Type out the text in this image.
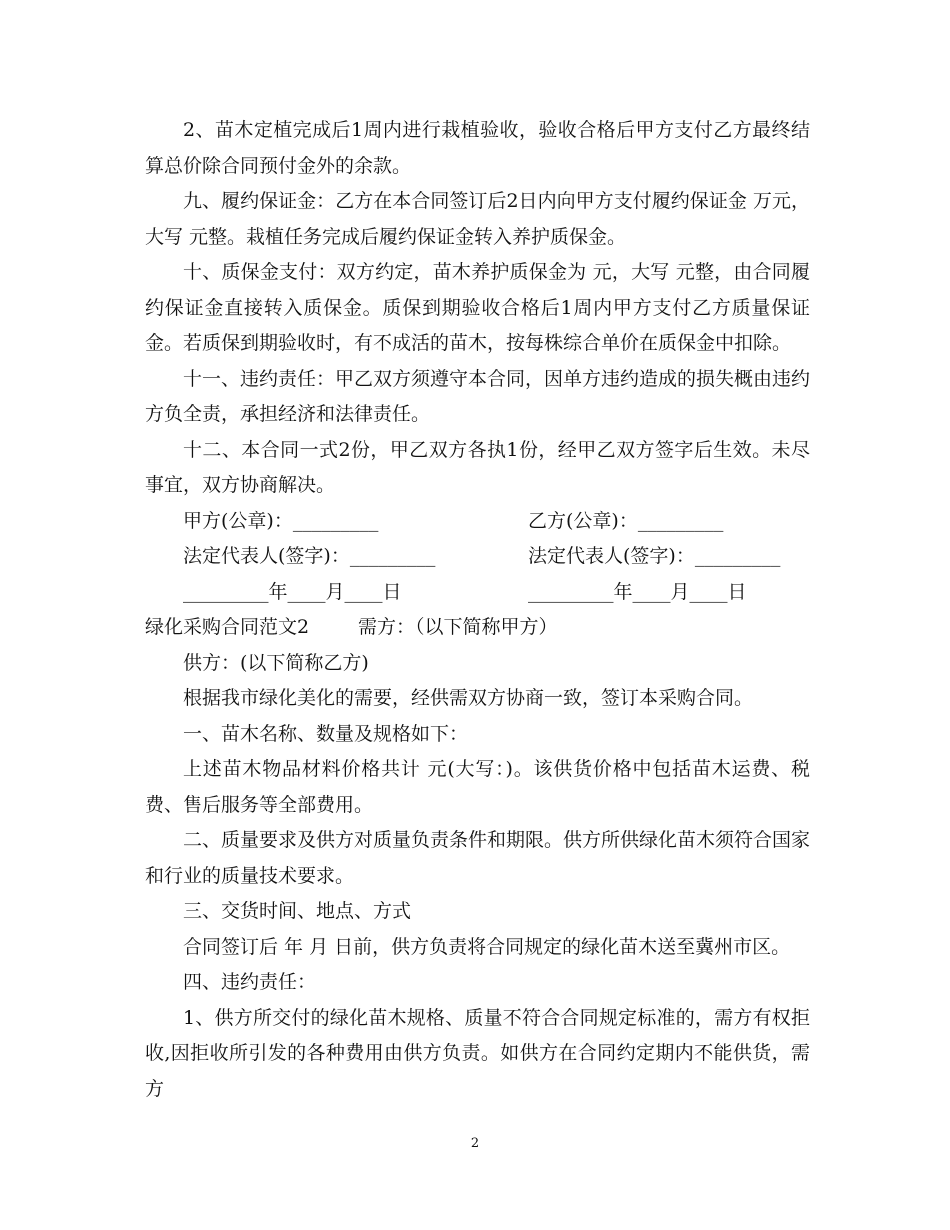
2、苗木定植完成后1周内进行栽植验收，验收合格后甲方支付乙方最终结算总价除合同预付金外的余款。

九、履约保证金：乙方在本合同签订后2日内向甲方支付履约保证金 万元，大写 元整。栽植任务完成后履约保证金转入养护质保金。

十、质保金支付：双方约定，苗木养护质保金为 元，大写 元整，由合同履约保证金直接转入质保金。质保到期验收合格后1周内甲方支付乙方质量保证金。若质保到期验收时，有不成活的苗木，按每株综合单价在质保金中扣除。

十一、违约责任：甲乙双方须遵守本合同，因单方违约造成的损失概由违约方负全责，承担经济和法律责任。

十二、本合同一式2份，甲乙双方各执1份，经甲乙双方签字后生效。未尽事宜，双方协商解决。

甲方(公章)：_________	乙方(公章)：_________
法定代表人(签字)：_________	法定代表人(签字)：_________
_________年____月____日	_________年____月____日
绿化采购合同范文2	需方：（以下简称甲方）

供方：(以下简称乙方)

根据我市绿化美化的需要，经供需双方协商一致，签订本采购合同。

一、苗木名称、数量及规格如下：

上述苗木物品材料价格共计 元(大写：)。该供货价格中包括苗木运费、税费、售后服务等全部费用。

二、质量要求及供方对质量负责条件和期限。供方所供绿化苗木须符合国家和行业的质量技术要求。

三、交货时间、地点、方式

合同签订后 年 月 日前，供方负责将合同规定的绿化苗木送至冀州市区。

四、违约责任：

1、供方所交付的绿化苗木规格、质量不符合合同规定标准的，需方有权拒收,因拒收所引发的各种费用由供方负责。如供方在合同约定期内不能供货，需方

2
